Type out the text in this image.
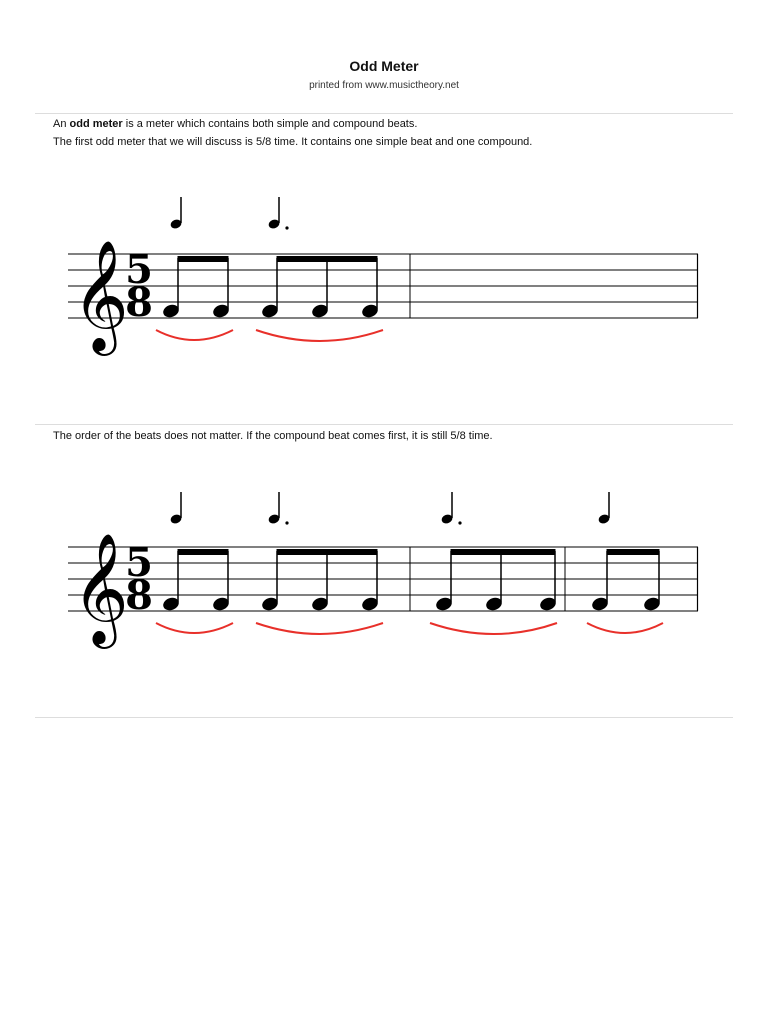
Odd Meter
printed from www.musictheory.net
An odd meter is a meter which contains both simple and compound beats.
The first odd meter that we will discuss is 5/8 time. It contains one simple beat and one compound.
𝄞
5
8
The order of the beats does not matter. If the compound beat comes first, it is still 5/8 time.
𝄞
5
8
